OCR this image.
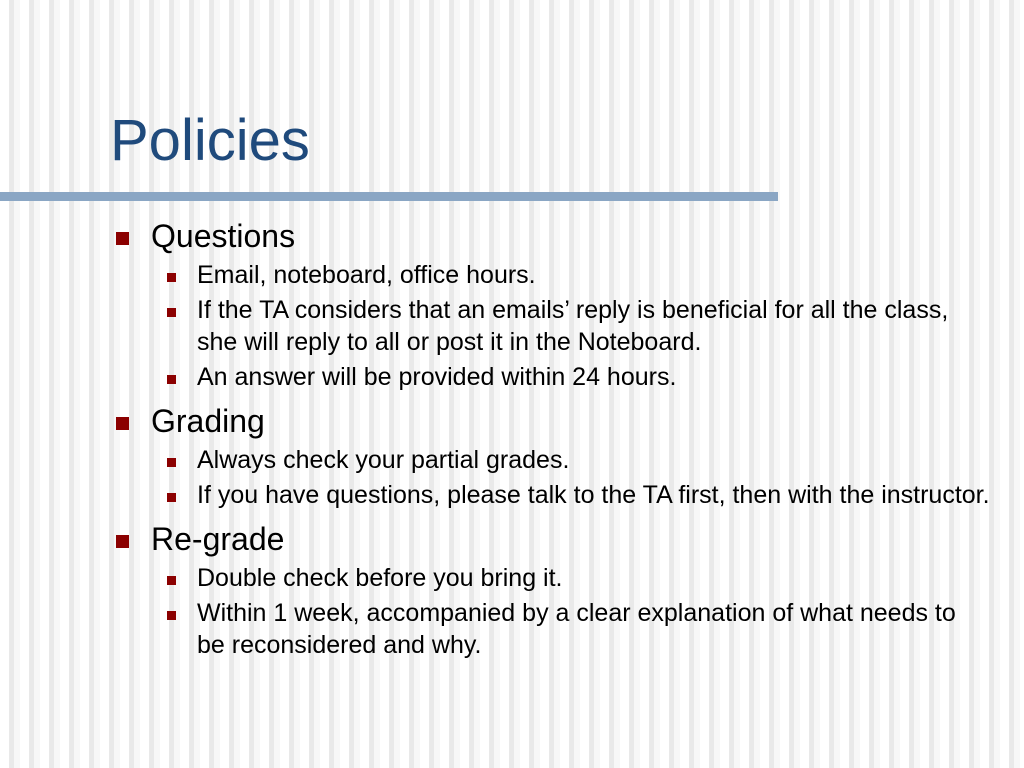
Policies
Questions
Email, noteboard, office hours.
If the TA considers that an emails’ reply is beneficial for all the class, she will reply to all or post it in the Noteboard.
An answer will be provided within 24 hours.
Grading
Always check your partial grades.
If you have questions, please talk to the TA first, then with the instructor.
Re-grade
Double check before you bring it.
Within 1 week, accompanied by a clear explanation of what needs to be reconsidered and why.
